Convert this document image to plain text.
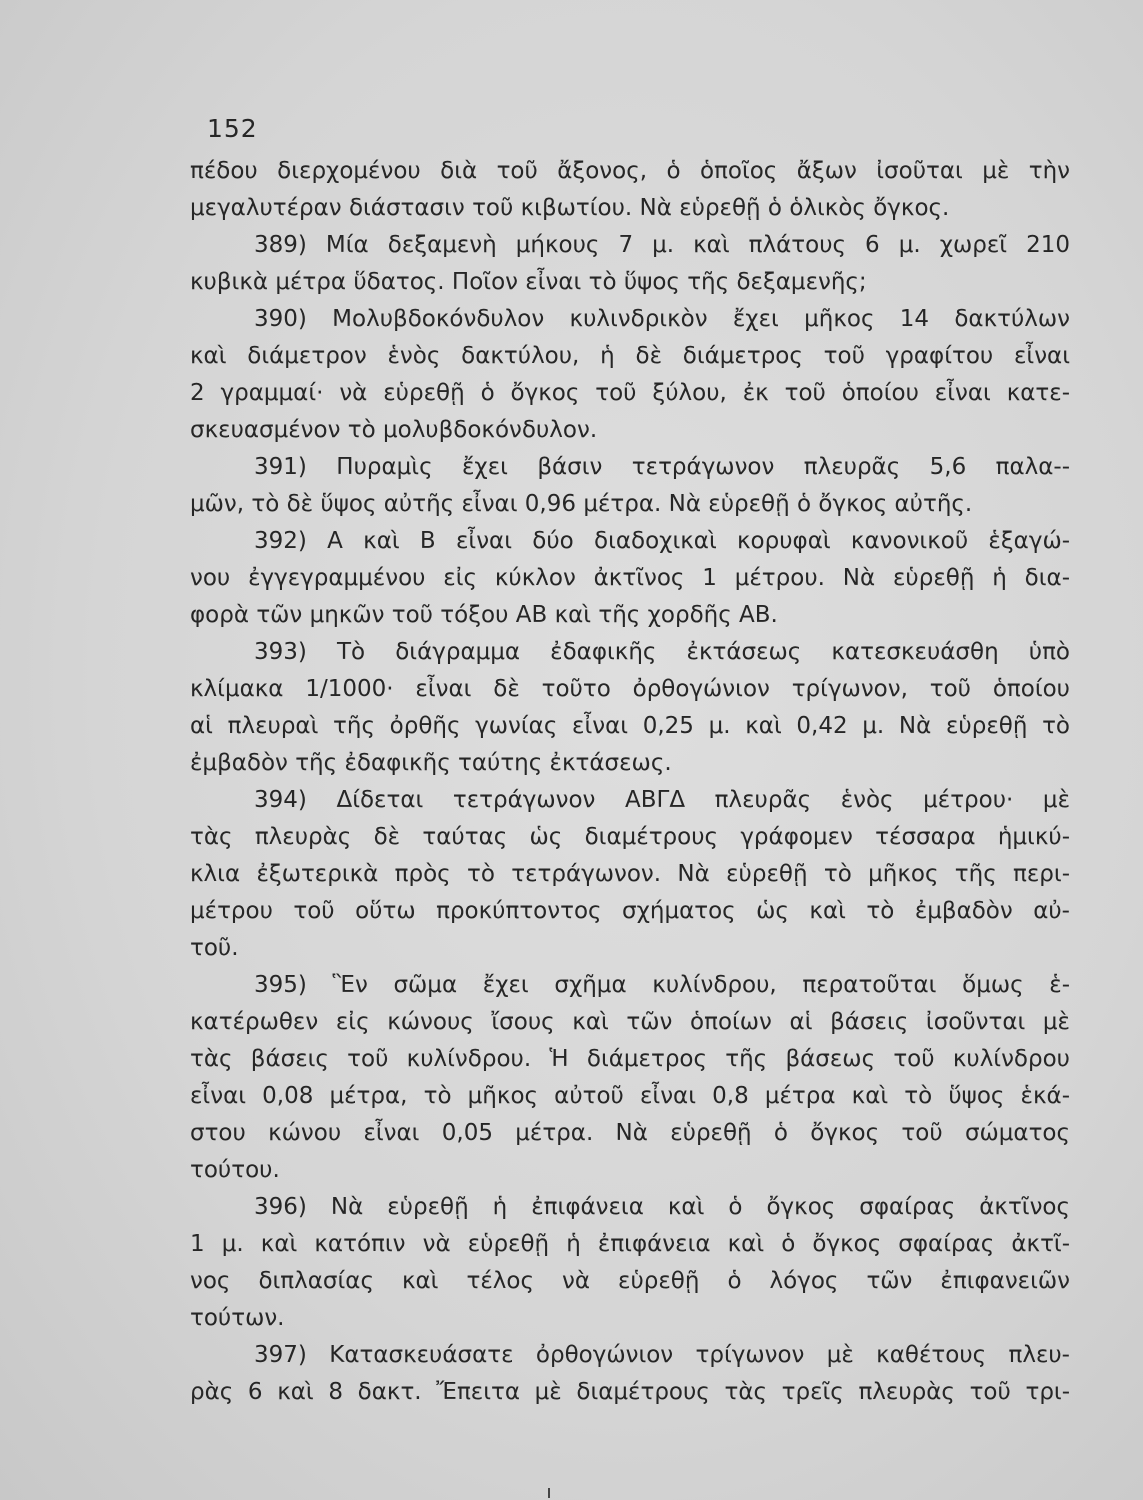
152
πέδου διερχομένου διὰ τοῦ ἄξονος, ὁ ὁποῖος ἄξων ἰσοῦται μὲ τὴν
μεγαλυτέραν διάστασιν τοῦ κιβωτίου. Νὰ εὑρεθῇ ὁ ὁλικὸς ὄγκος.
389) Μία δεξαμενὴ μήκους 7 μ. καὶ πλάτους 6 μ. χωρεῖ 210
κυβικὰ μέτρα ὕδατος. Ποῖον εἶναι τὸ ὕψος τῆς δεξαμενῆς;
390) Μολυβδοκόνδυλον κυλινδρικὸν ἔχει μῆκος 14 δακτύλων
καὶ διάμετρον ἑνὸς δακτύλου, ἡ δὲ διάμετρος τοῦ γραφίτου εἶναι
2 γραμμαί· νὰ εὑρεθῇ ὁ ὄγκος τοῦ ξύλου, ἐκ τοῦ ὁποίου εἶναι κατε-
σκευασμένον τὸ μολυβδοκόνδυλον.
391) Πυραμὶς ἔχει βάσιν τετράγωνον πλευρᾶς 5,6 παλα--
μῶν, τὸ δὲ ὕψος αὐτῆς εἶναι 0,96 μέτρα. Νὰ εὑρεθῇ ὁ ὄγκος αὐτῆς.
392) Α καὶ Β εἶναι δύο διαδοχικαὶ κορυφαὶ κανονικοῦ ἑξαγώ-
νου ἐγγεγραμμένου εἰς κύκλον ἀκτῖνος 1 μέτρου. Νὰ εὑρεθῇ ἡ δια-
φορὰ τῶν μηκῶν τοῦ τόξου ΑΒ καὶ τῆς χορδῆς ΑΒ.
393) Τὸ διάγραμμα ἐδαφικῆς ἐκτάσεως κατεσκευάσθη ὑπὸ
κλίμακα 1/1000· εἶναι δὲ τοῦτο ὀρθογώνιον τρίγωνον, τοῦ ὁποίου
αἱ πλευραὶ τῆς ὀρθῆς γωνίας εἶναι 0,25 μ. καὶ 0,42 μ. Νὰ εὑρεθῇ τὸ
ἐμβαδὸν τῆς ἐδαφικῆς ταύτης ἐκτάσεως.
394) Δίδεται τετράγωνον ΑΒΓΔ πλευρᾶς ἑνὸς μέτρου· μὲ
τὰς πλευρὰς δὲ ταύτας ὡς διαμέτρους γράφομεν τέσσαρα ἡμικύ-
κλια ἐξωτερικὰ πρὸς τὸ τετράγωνον. Νὰ εὑρεθῇ τὸ μῆκος τῆς περι-
μέτρου τοῦ οὕτω προκύπτοντος σχήματος ὡς καὶ τὸ ἐμβαδὸν αὐ-
τοῦ.
395) Ἓν σῶμα ἔχει σχῆμα κυλίνδρου, περατοῦται ὅμως ἑ-
κατέρωθεν εἰς κώνους ἴσους καὶ τῶν ὁποίων αἱ βάσεις ἰσοῦνται μὲ
τὰς βάσεις τοῦ κυλίνδρου. Ἡ διάμετρος τῆς βάσεως τοῦ κυλίνδρου
εἶναι 0,08 μέτρα, τὸ μῆκος αὐτοῦ εἶναι 0,8 μέτρα καὶ τὸ ὕψος ἑκά-
στου κώνου εἶναι 0,05 μέτρα. Νὰ εὑρεθῇ ὁ ὄγκος τοῦ σώματος
τούτου.
396) Νὰ εὑρεθῇ ἡ ἐπιφάνεια καὶ ὁ ὄγκος σφαίρας ἀκτῖνος
1 μ. καὶ κατόπιν νὰ εὑρεθῇ ἡ ἐπιφάνεια καὶ ὁ ὄγκος σφαίρας ἀκτῖ-
νος διπλασίας καὶ τέλος νὰ εὑρεθῇ ὁ λόγος τῶν ἐπιφανειῶν
τούτων.
397) Κατασκευάσατε ὀρθογώνιον τρίγωνον μὲ καθέτους πλευ-
ρὰς 6 καὶ 8 δακτ. Ἔπειτα μὲ διαμέτρους τὰς τρεῖς πλευρὰς τοῦ τρι-
